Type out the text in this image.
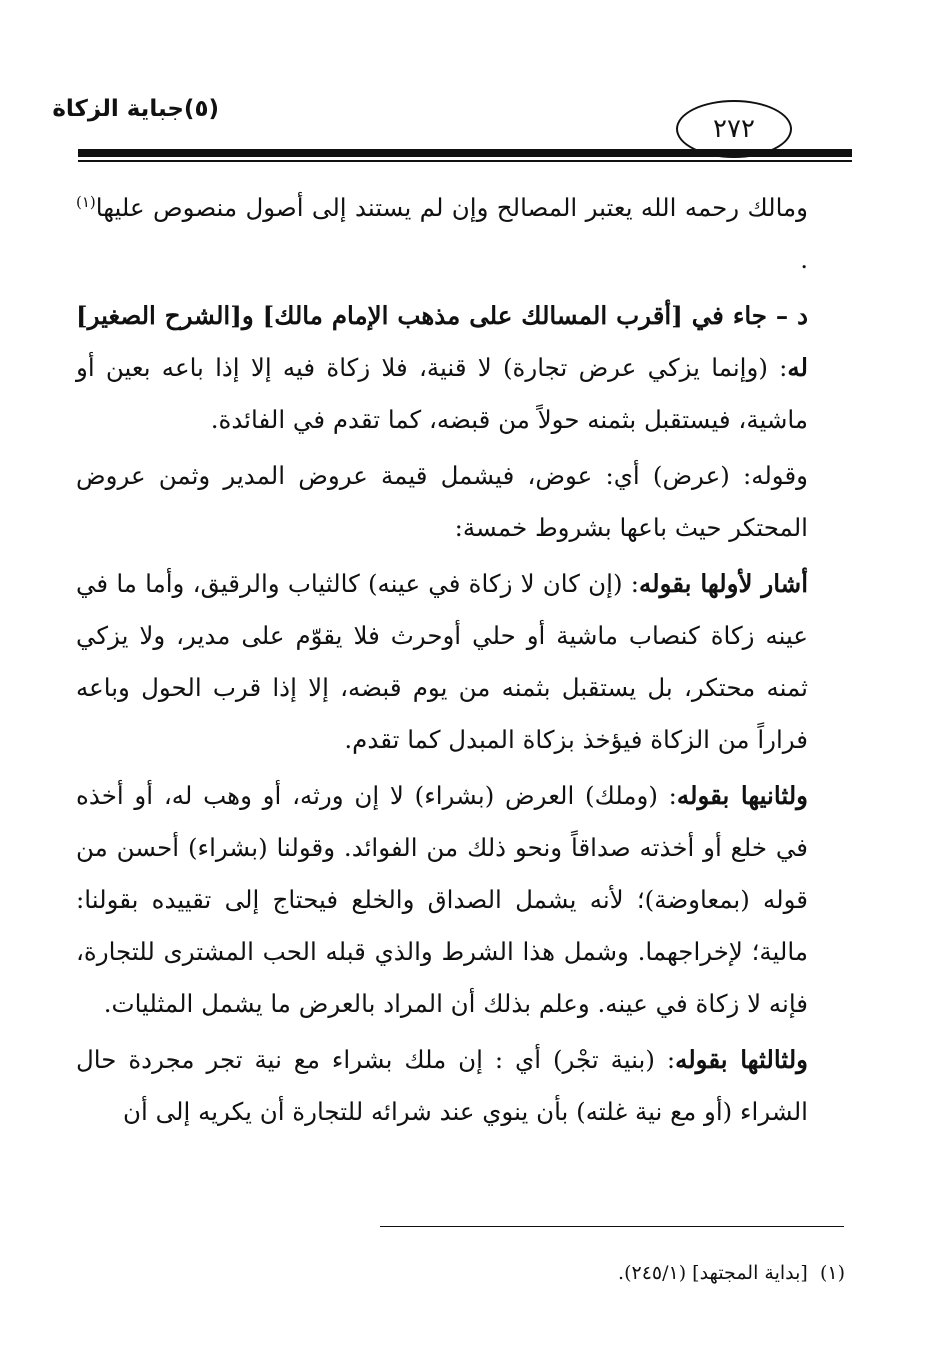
٢٧٢
(٥)جباية الزكاة

ومالك رحمه الله يعتبر المصالح وإن لم يستند إلى أصول منصوص عليها$^{(١)}$ .

د – جاء في [أقرب المسالك على مذهب الإمام مالك] و[الشرح الصغير] له: (وإنما يزكي عرض تجارة) لا قنية، فلا زكاة فيه إلا إذا باعه بعين أو ماشية، فيستقبل بثمنه حولاً من قبضه، كما تقدم في الفائدة.

وقوله: (عرض) أي: عوض، فيشمل قيمة عروض المدير وثمن عروض المحتكر حيث باعها بشروط خمسة:

أشار لأولها بقوله: (إن كان لا زكاة في عينه) كالثياب والرقيق، وأما ما في عينه زكاة كنصاب ماشية أو حلي أوحرث فلا يقوّم على مدير، ولا يزكي ثمنه محتكر، بل يستقبل بثمنه من يوم قبضه، إلا إذا قرب الحول وباعه فراراً من الزكاة فيؤخذ بزكاة المبدل كما تقدم.

ولثانيها بقوله: (وملك) العرض (بشراء) لا إن ورثه، أو وهب له، أو أخذه في خلع أو أخذته صداقاً ونحو ذلك من الفوائد. وقولنا (بشراء) أحسن من قوله (بمعاوضة)؛ لأنه يشمل الصداق والخلع فيحتاج إلى تقييده بقولنا: مالية؛ لإخراجهما. وشمل هذا الشرط والذي قبله الحب المشترى للتجارة، فإنه لا زكاة في عينه. وعلم بذلك أن المراد بالعرض ما يشمل المثليات.

ولثالثها بقوله: (بنية تجْر) أي : إن ملك بشراء مع نية تجر مجردة حال الشراء (أو مع نية غلته) بأن ينوي عند شرائه للتجارة أن يكريه إلى أن

(١)  [بداية المجتهد] (٢٤٥/١).
